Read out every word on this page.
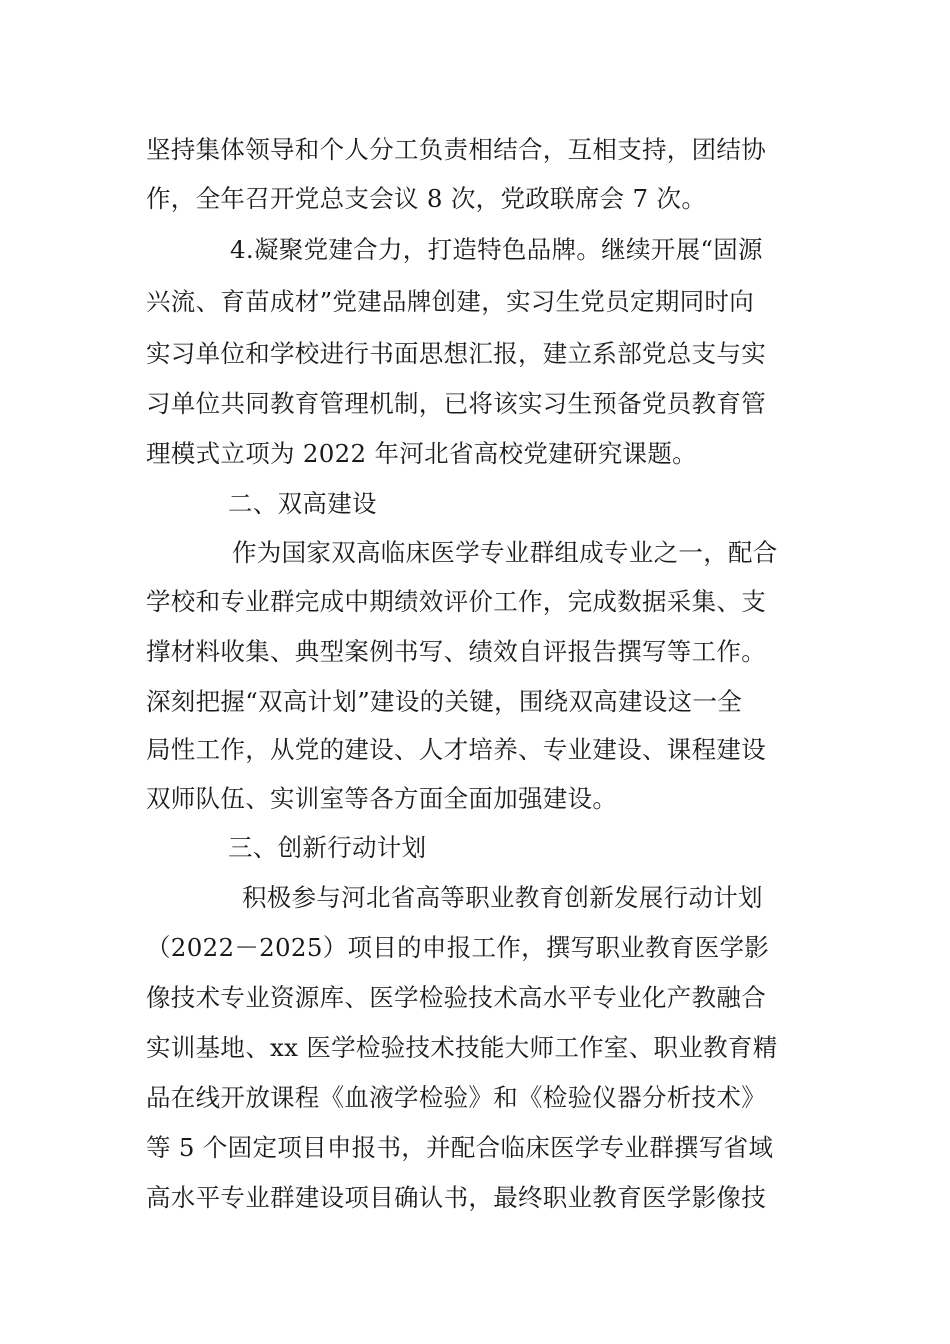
坚持集体领导和个人分工负责相结合，互相支持，团结协
作，全年召开党总支会议 8 次，党政联席会 7 次。
4.凝聚党建合力，打造特色品牌。继续开展“固源
兴流、育苗成材”党建品牌创建，实习生党员定期同时向
实习单位和学校进行书面思想汇报，建立系部党总支与实
习单位共同教育管理机制，已将该实习生预备党员教育管
理模式立项为 2022 年河北省高校党建研究课题。
二、双高建设
作为国家双高临床医学专业群组成专业之一，配合
学校和专业群完成中期绩效评价工作，完成数据采集、支
撑材料收集、典型案例书写、绩效自评报告撰写等工作。
深刻把握“双高计划”建设的关键，围绕双高建设这一全
局性工作，从党的建设、人才培养、专业建设、课程建设
双师队伍、实训室等各方面全面加强建设。
三、创新行动计划
积极参与河北省高等职业教育创新发展行动计划
（2022－2025）项目的申报工作，撰写职业教育医学影
像技术专业资源库、医学检验技术高水平专业化产教融合
实训基地、xx 医学检验技术技能大师工作室、职业教育精
品在线开放课程《血液学检验》和《检验仪器分析技术》
等 5 个固定项目申报书，并配合临床医学专业群撰写省域
高水平专业群建设项目确认书，最终职业教育医学影像技
